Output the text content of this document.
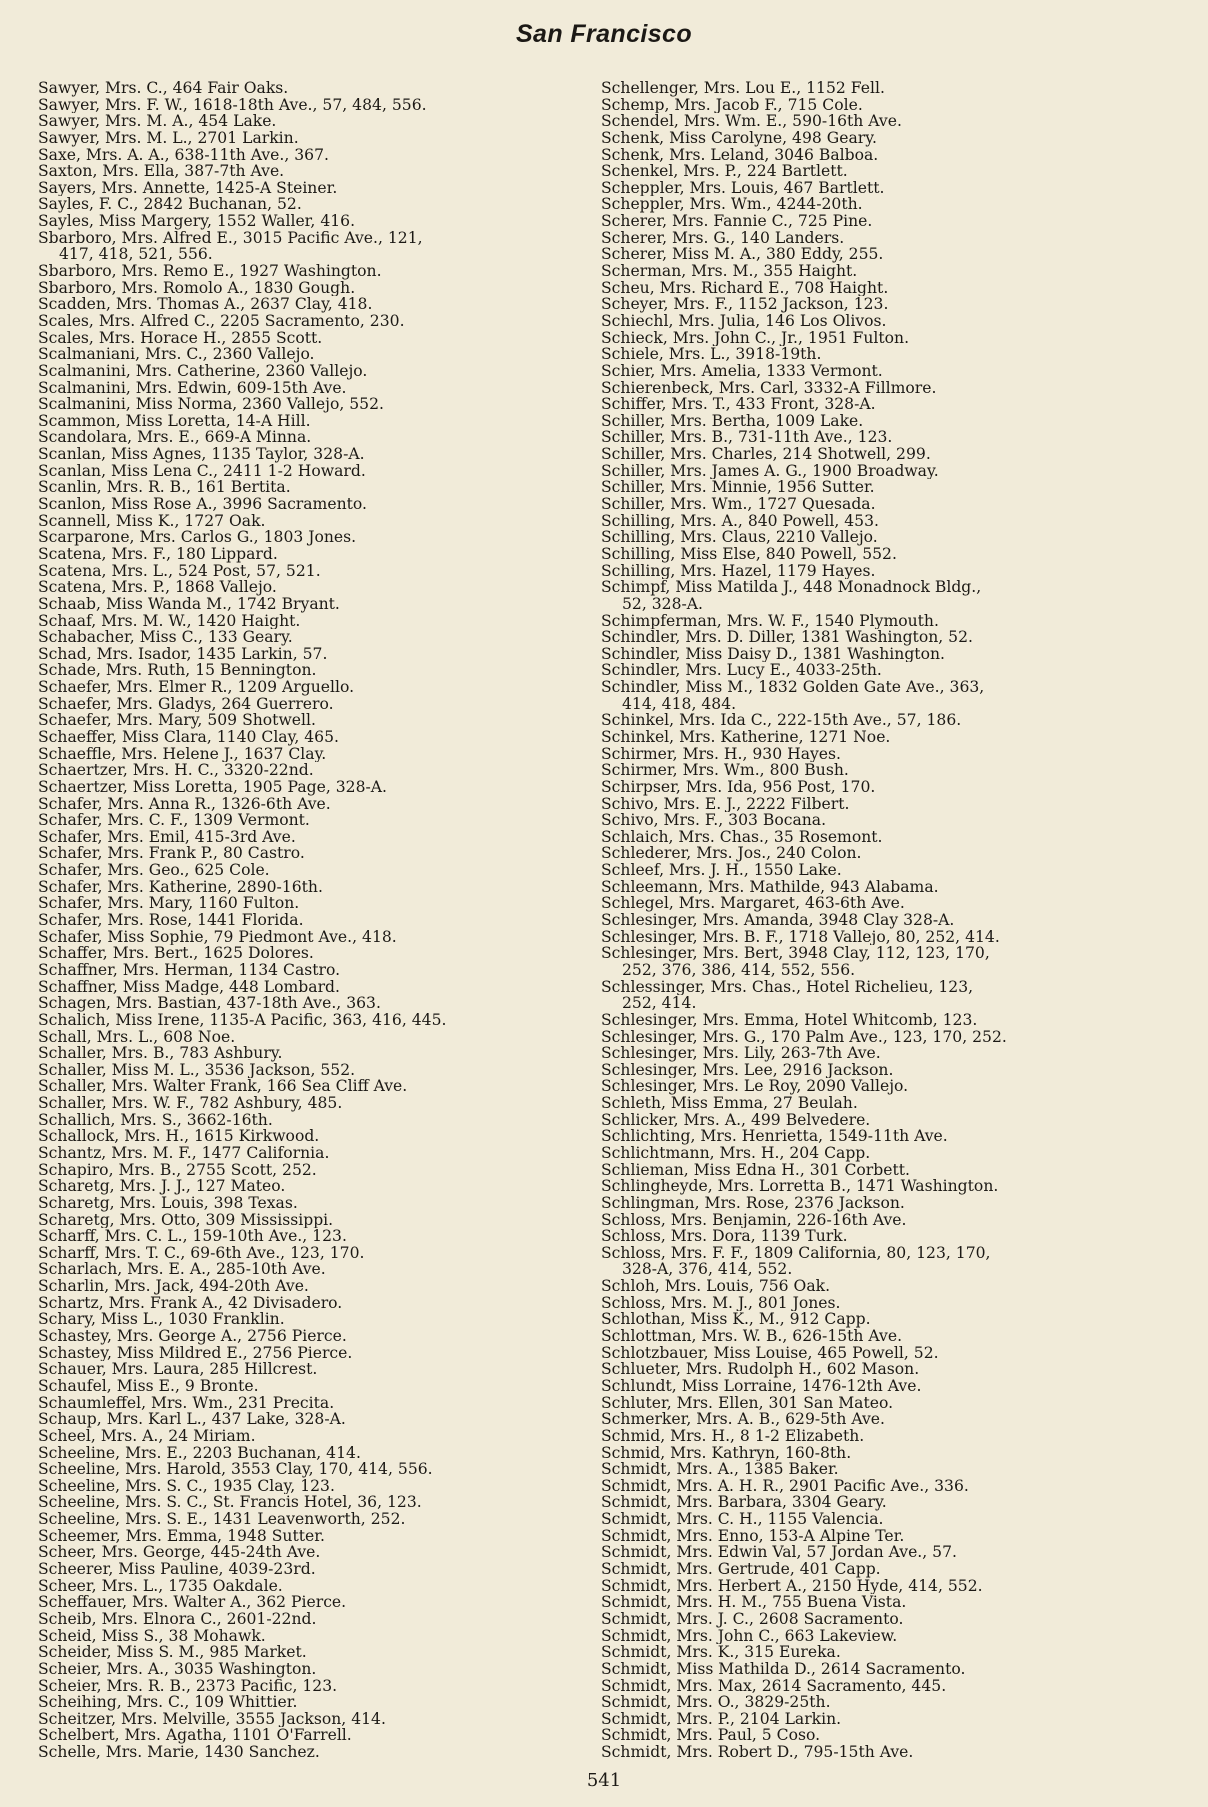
San Francisco
Sawyer, Mrs. C., 464 Fair Oaks.
Sawyer, Mrs. F. W., 1618-18th Ave., 57, 484, 556.
Sawyer, Mrs. M. A., 454 Lake.
Sawyer, Mrs. M. L., 2701 Larkin.
Saxe, Mrs. A. A., 638-11th Ave., 367.
Saxton, Mrs. Ella, 387-7th Ave.
Sayers, Mrs. Annette, 1425-A Steiner.
Sayles, F. C., 2842 Buchanan, 52.
Sayles, Miss Margery, 1552 Waller, 416.
Sbarboro, Mrs. Alfred E., 3015 Pacific Ave., 121,
417, 418, 521, 556.
Sbarboro, Mrs. Remo E., 1927 Washington.
Sbarboro, Mrs. Romolo A., 1830 Gough.
Scadden, Mrs. Thomas A., 2637 Clay, 418.
Scales, Mrs. Alfred C., 2205 Sacramento, 230.
Scales, Mrs. Horace H., 2855 Scott.
Scalmaniani, Mrs. C., 2360 Vallejo.
Scalmanini, Mrs. Catherine, 2360 Vallejo.
Scalmanini, Mrs. Edwin, 609-15th Ave.
Scalmanini, Miss Norma, 2360 Vallejo, 552.
Scammon, Miss Loretta, 14-A Hill.
Scandolara, Mrs. E., 669-A Minna.
Scanlan, Miss Agnes, 1135 Taylor, 328-A.
Scanlan, Miss Lena C., 2411 1-2 Howard.
Scanlin, Mrs. R. B., 161 Bertita.
Scanlon, Miss Rose A., 3996 Sacramento.
Scannell, Miss K., 1727 Oak.
Scarparone, Mrs. Carlos G., 1803 Jones.
Scatena, Mrs. F., 180 Lippard.
Scatena, Mrs. L., 524 Post, 57, 521.
Scatena, Mrs. P., 1868 Vallejo.
Schaab, Miss Wanda M., 1742 Bryant.
Schaaf, Mrs. M. W., 1420 Haight.
Schabacher, Miss C., 133 Geary.
Schad, Mrs. Isador, 1435 Larkin, 57.
Schade, Mrs. Ruth, 15 Bennington.
Schaefer, Mrs. Elmer R., 1209 Arguello.
Schaefer, Mrs. Gladys, 264 Guerrero.
Schaefer, Mrs. Mary, 509 Shotwell.
Schaeffer, Miss Clara, 1140 Clay, 465.
Schaeffle, Mrs. Helene J., 1637 Clay.
Schaertzer, Mrs. H. C., 3320-22nd.
Schaertzer, Miss Loretta, 1905 Page, 328-A.
Schafer, Mrs. Anna R., 1326-6th Ave.
Schafer, Mrs. C. F., 1309 Vermont.
Schafer, Mrs. Emil, 415-3rd Ave.
Schafer, Mrs. Frank P., 80 Castro.
Schafer, Mrs. Geo., 625 Cole.
Schafer, Mrs. Katherine, 2890-16th.
Schafer, Mrs. Mary, 1160 Fulton.
Schafer, Mrs. Rose, 1441 Florida.
Schafer, Miss Sophie, 79 Piedmont Ave., 418.
Schaffer, Mrs. Bert., 1625 Dolores.
Schaffner, Mrs. Herman, 1134 Castro.
Schaffner, Miss Madge, 448 Lombard.
Schagen, Mrs. Bastian, 437-18th Ave., 363.
Schalich, Miss Irene, 1135-A Pacific, 363, 416, 445.
Schall, Mrs. L., 608 Noe.
Schaller, Mrs. B., 783 Ashbury.
Schaller, Miss M. L., 3536 Jackson, 552.
Schaller, Mrs. Walter Frank, 166 Sea Cliff Ave.
Schaller, Mrs. W. F., 782 Ashbury, 485.
Schallich, Mrs. S., 3662-16th.
Schallock, Mrs. H., 1615 Kirkwood.
Schantz, Mrs. M. F., 1477 California.
Schapiro, Mrs. B., 2755 Scott, 252.
Scharetg, Mrs. J. J., 127 Mateo.
Scharetg, Mrs. Louis, 398 Texas.
Scharetg, Mrs. Otto, 309 Mississippi.
Scharff, Mrs. C. L., 159-10th Ave., 123.
Scharff, Mrs. T. C., 69-6th Ave., 123, 170.
Scharlach, Mrs. E. A., 285-10th Ave.
Scharlin, Mrs. Jack, 494-20th Ave.
Schartz, Mrs. Frank A., 42 Divisadero.
Schary, Miss L., 1030 Franklin.
Schastey, Mrs. George A., 2756 Pierce.
Schastey, Miss Mildred E., 2756 Pierce.
Schauer, Mrs. Laura, 285 Hillcrest.
Schaufel, Miss E., 9 Bronte.
Schaumleffel, Mrs. Wm., 231 Precita.
Schaup, Mrs. Karl L., 437 Lake, 328-A.
Scheel, Mrs. A., 24 Miriam.
Scheeline, Mrs. E., 2203 Buchanan, 414.
Scheeline, Mrs. Harold, 3553 Clay, 170, 414, 556.
Scheeline, Mrs. S. C., 1935 Clay, 123.
Scheeline, Mrs. S. C., St. Francis Hotel, 36, 123.
Scheeline, Mrs. S. E., 1431 Leavenworth, 252.
Scheemer, Mrs. Emma, 1948 Sutter.
Scheer, Mrs. George, 445-24th Ave.
Scheerer, Miss Pauline, 4039-23rd.
Scheer, Mrs. L., 1735 Oakdale.
Scheffauer, Mrs. Walter A., 362 Pierce.
Scheib, Mrs. Elnora C., 2601-22nd.
Scheid, Miss S., 38 Mohawk.
Scheider, Miss S. M., 985 Market.
Scheier, Mrs. A., 3035 Washington.
Scheier, Mrs. R. B., 2373 Pacific, 123.
Scheihing, Mrs. C., 109 Whittier.
Scheitzer, Mrs. Melville, 3555 Jackson, 414.
Schelbert, Mrs. Agatha, 1101 O'Farrell.
Schelle, Mrs. Marie, 1430 Sanchez.
Schellenger, Mrs. Lou E., 1152 Fell.
Schemp, Mrs. Jacob F., 715 Cole.
Schendel, Mrs. Wm. E., 590-16th Ave.
Schenk, Miss Carolyne, 498 Geary.
Schenk, Mrs. Leland, 3046 Balboa.
Schenkel, Mrs. P., 224 Bartlett.
Scheppler, Mrs. Louis, 467 Bartlett.
Scheppler, Mrs. Wm., 4244-20th.
Scherer, Mrs. Fannie C., 725 Pine.
Scherer, Mrs. G., 140 Landers.
Scherer, Miss M. A., 380 Eddy, 255.
Scherman, Mrs. M., 355 Haight.
Scheu, Mrs. Richard E., 708 Haight.
Scheyer, Mrs. F., 1152 Jackson, 123.
Schiechl, Mrs. Julia, 146 Los Olivos.
Schieck, Mrs. John C., Jr., 1951 Fulton.
Schiele, Mrs. L., 3918-19th.
Schier, Mrs. Amelia, 1333 Vermont.
Schierenbeck, Mrs. Carl, 3332-A Fillmore.
Schiffer, Mrs. T., 433 Front, 328-A.
Schiller, Mrs. Bertha, 1009 Lake.
Schiller, Mrs. B., 731-11th Ave., 123.
Schiller, Mrs. Charles, 214 Shotwell, 299.
Schiller, Mrs. James A. G., 1900 Broadway.
Schiller, Mrs. Minnie, 1956 Sutter.
Schiller, Mrs. Wm., 1727 Quesada.
Schilling, Mrs. A., 840 Powell, 453.
Schilling, Mrs. Claus, 2210 Vallejo.
Schilling, Miss Else, 840 Powell, 552.
Schilling, Mrs. Hazel, 1179 Hayes.
Schimpf, Miss Matilda J., 448 Monadnock Bldg.,
52, 328-A.
Schimpferman, Mrs. W. F., 1540 Plymouth.
Schindler, Mrs. D. Diller, 1381 Washington, 52.
Schindler, Miss Daisy D., 1381 Washington.
Schindler, Mrs. Lucy E., 4033-25th.
Schindler, Miss M., 1832 Golden Gate Ave., 363,
414, 418, 484.
Schinkel, Mrs. Ida C., 222-15th Ave., 57, 186.
Schinkel, Mrs. Katherine, 1271 Noe.
Schirmer, Mrs. H., 930 Hayes.
Schirmer, Mrs. Wm., 800 Bush.
Schirpser, Mrs. Ida, 956 Post, 170.
Schivo, Mrs. E. J., 2222 Filbert.
Schivo, Mrs. F., 303 Bocana.
Schlaich, Mrs. Chas., 35 Rosemont.
Schlederer, Mrs. Jos., 240 Colon.
Schleef, Mrs. J. H., 1550 Lake.
Schleemann, Mrs. Mathilde, 943 Alabama.
Schlegel, Mrs. Margaret, 463-6th Ave.
Schlesinger, Mrs. Amanda, 3948 Clay 328-A.
Schlesinger, Mrs. B. F., 1718 Vallejo, 80, 252, 414.
Schlesinger, Mrs. Bert, 3948 Clay, 112, 123, 170,
252, 376, 386, 414, 552, 556.
Schlessinger, Mrs. Chas., Hotel Richelieu, 123,
252, 414.
Schlesinger, Mrs. Emma, Hotel Whitcomb, 123.
Schlesinger, Mrs. G., 170 Palm Ave., 123, 170, 252.
Schlesinger, Mrs. Lily, 263-7th Ave.
Schlesinger, Mrs. Lee, 2916 Jackson.
Schlesinger, Mrs. Le Roy, 2090 Vallejo.
Schleth, Miss Emma, 27 Beulah.
Schlicker, Mrs. A., 499 Belvedere.
Schlichting, Mrs. Henrietta, 1549-11th Ave.
Schlichtmann, Mrs. H., 204 Capp.
Schlieman, Miss Edna H., 301 Corbett.
Schlingheyde, Mrs. Lorretta B., 1471 Washington.
Schlingman, Mrs. Rose, 2376 Jackson.
Schloss, Mrs. Benjamin, 226-16th Ave.
Schloss, Mrs. Dora, 1139 Turk.
Schloss, Mrs. F. F., 1809 California, 80, 123, 170,
328-A, 376, 414, 552.
Schloh, Mrs. Louis, 756 Oak.
Schloss, Mrs. M. J., 801 Jones.
Schlothan, Miss K., M., 912 Capp.
Schlottman, Mrs. W. B., 626-15th Ave.
Schlotzbauer, Miss Louise, 465 Powell, 52.
Schlueter, Mrs. Rudolph H., 602 Mason.
Schlundt, Miss Lorraine, 1476-12th Ave.
Schluter, Mrs. Ellen, 301 San Mateo.
Schmerker, Mrs. A. B., 629-5th Ave.
Schmid, Mrs. H., 8 1-2 Elizabeth.
Schmid, Mrs. Kathryn, 160-8th.
Schmidt, Mrs. A., 1385 Baker.
Schmidt, Mrs. A. H. R., 2901 Pacific Ave., 336.
Schmidt, Mrs. Barbara, 3304 Geary.
Schmidt, Mrs. C. H., 1155 Valencia.
Schmidt, Mrs. Enno, 153-A Alpine Ter.
Schmidt, Mrs. Edwin Val, 57 Jordan Ave., 57.
Schmidt, Mrs. Gertrude, 401 Capp.
Schmidt, Mrs. Herbert A., 2150 Hyde, 414, 552.
Schmidt, Mrs. H. M., 755 Buena Vista.
Schmidt, Mrs. J. C., 2608 Sacramento.
Schmidt, Mrs. John C., 663 Lakeview.
Schmidt, Mrs. K., 315 Eureka.
Schmidt, Miss Mathilda D., 2614 Sacramento.
Schmidt, Mrs. Max, 2614 Sacramento, 445.
Schmidt, Mrs. O., 3829-25th.
Schmidt, Mrs. P., 2104 Larkin.
Schmidt, Mrs. Paul, 5 Coso.
Schmidt, Mrs. Robert D., 795-15th Ave.
541
